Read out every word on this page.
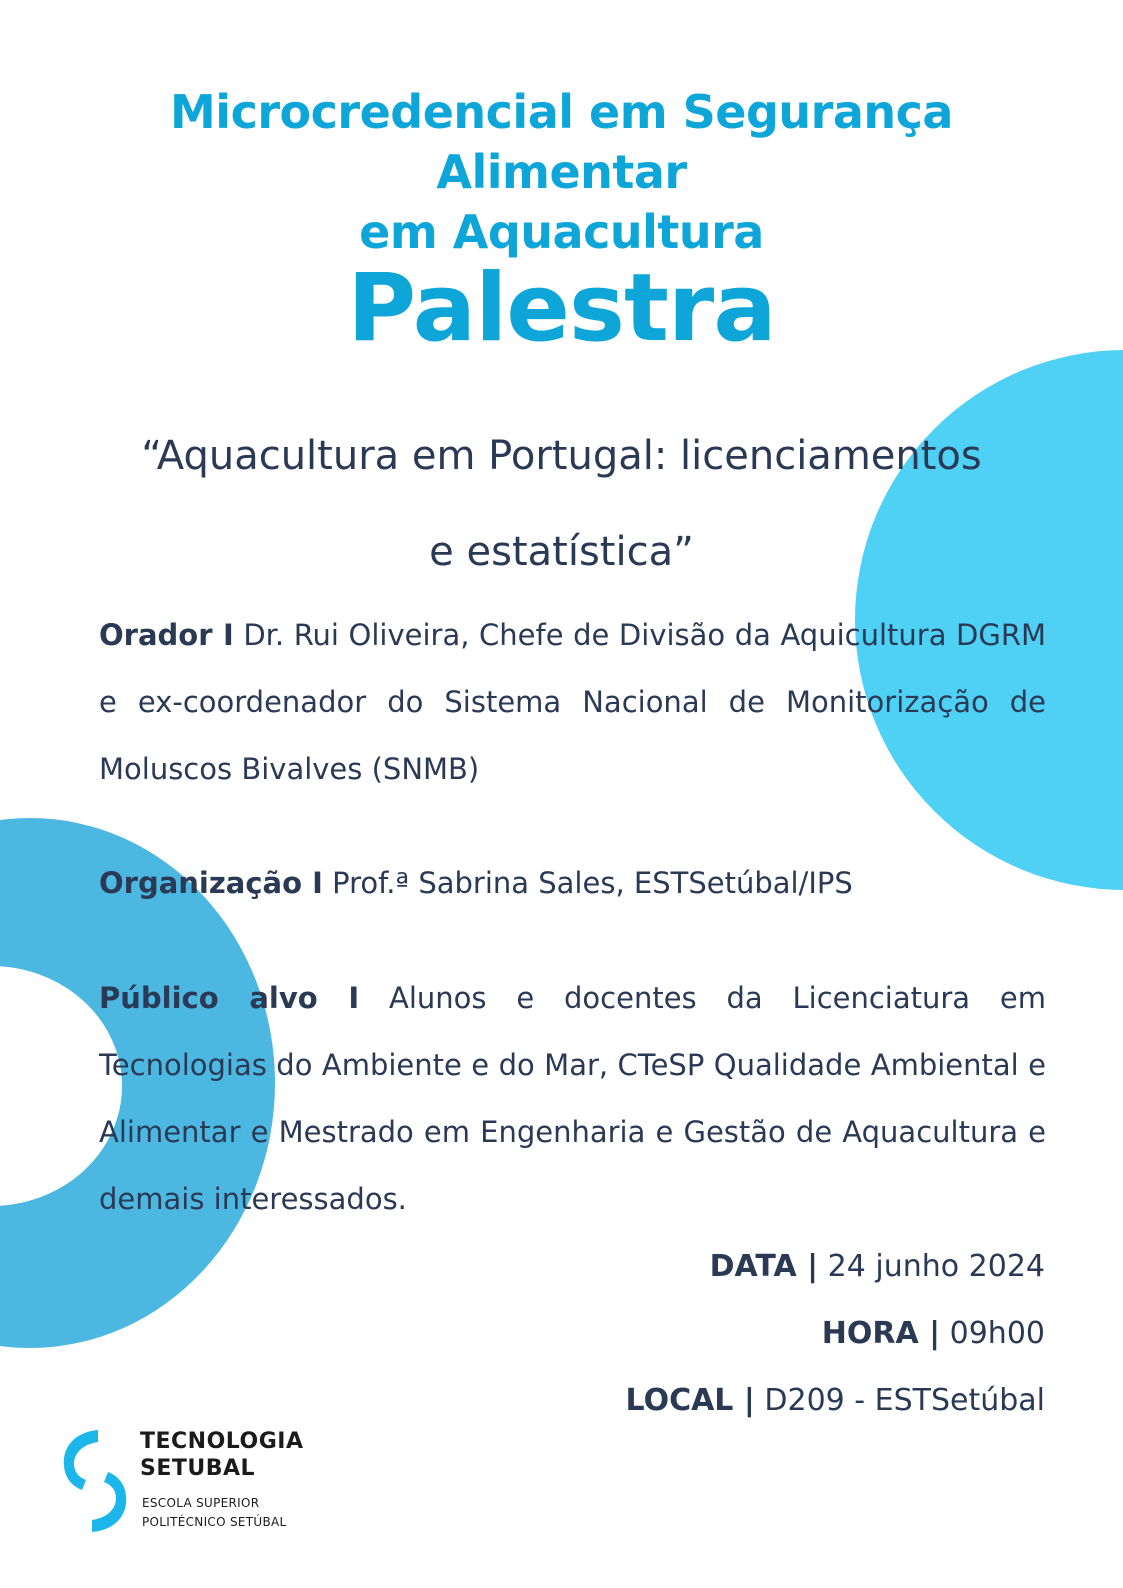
Microcredencial em Segurança Alimentar
em Aquacultura
Palestra
“Aquacultura em Portugal: licenciamentos
e estatística”
Orador I Dr. Rui Oliveira, Chefe de Divisão da Aquicultura DGRM e ex-coordenador do Sistema Nacional de Monitorização de Moluscos Bivalves (SNMB)
Organização I Prof.ª Sabrina Sales, ESTSetúbal/IPS
Público alvo I Alunos e docentes da Licenciatura em Tecnologias do Ambiente e do Mar, CTeSP Qualidade Ambiental e Alimentar e Mestrado em Engenharia e Gestão de Aquacultura e demais interessados.
DATA | 24 junho 2024
HORA | 09h00
LOCAL | D209 - ESTSetúbal
TECNOLOGIA
SETUBAL
ESCOLA SUPERIOR
POLITÉCNICO SETÚBAL
